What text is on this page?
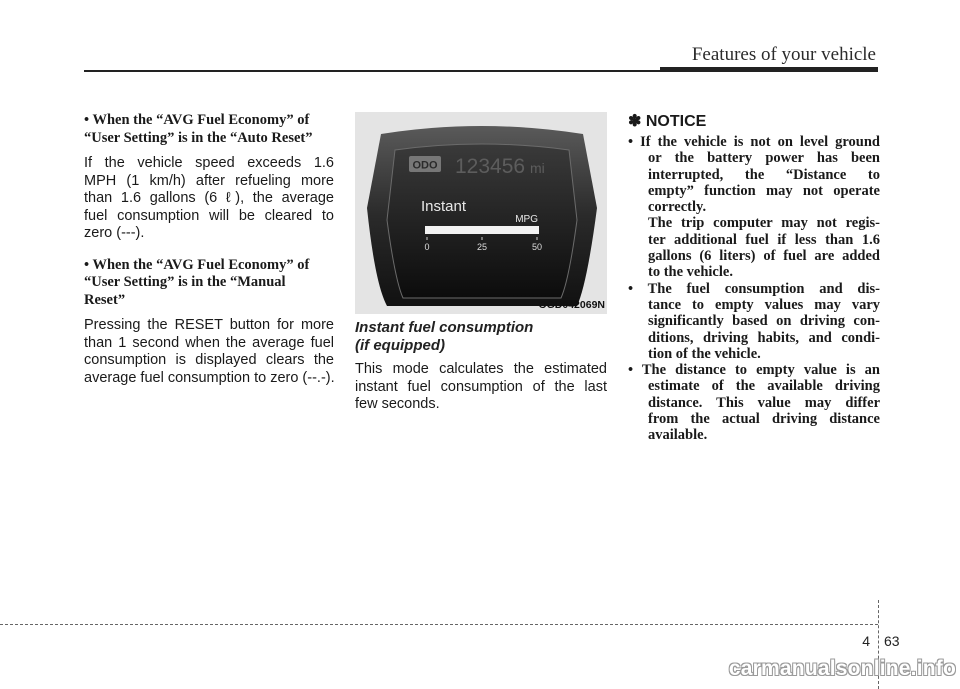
Features of your vehicle
• When the “AVG Fuel Economy” of
“User Setting” is in the “Auto Reset”
If the vehicle speed exceeds 1.6
MPH (1 km/h) after refueling more
than 1.6 gallons (6 ℓ), the average
fuel consumption will be cleared to
zero (---).
• When the “AVG Fuel Economy” of
“User Setting” is in the “Manual
Reset”
Pressing the RESET button for more
than 1 second when the average fuel
consumption is displayed clears the
average fuel consumption to zero (--.-).
ODO 123456 mi
Instant
MPG
0	25	50
OGD042069N
Instant fuel consumption
(if equipped)
This mode calculates the estimated
instant fuel consumption of the last
few seconds.
✽ NOTICE
• If the vehicle is not on level ground
or the battery power has been
interrupted, the “Distance to
empty” function may not operate
correctly.
The trip computer may not regis-
ter additional fuel if less than 1.6
gallons (6 liters) of fuel are added
to the vehicle.
• The fuel consumption and dis-
tance to empty values may vary
significantly based on driving con-
ditions, driving habits, and condi-
tion of the vehicle.
• The distance to empty value is an
estimate of the available driving
distance. This value may differ
from the actual driving distance
available.
4 63
carmanualsonline.info
